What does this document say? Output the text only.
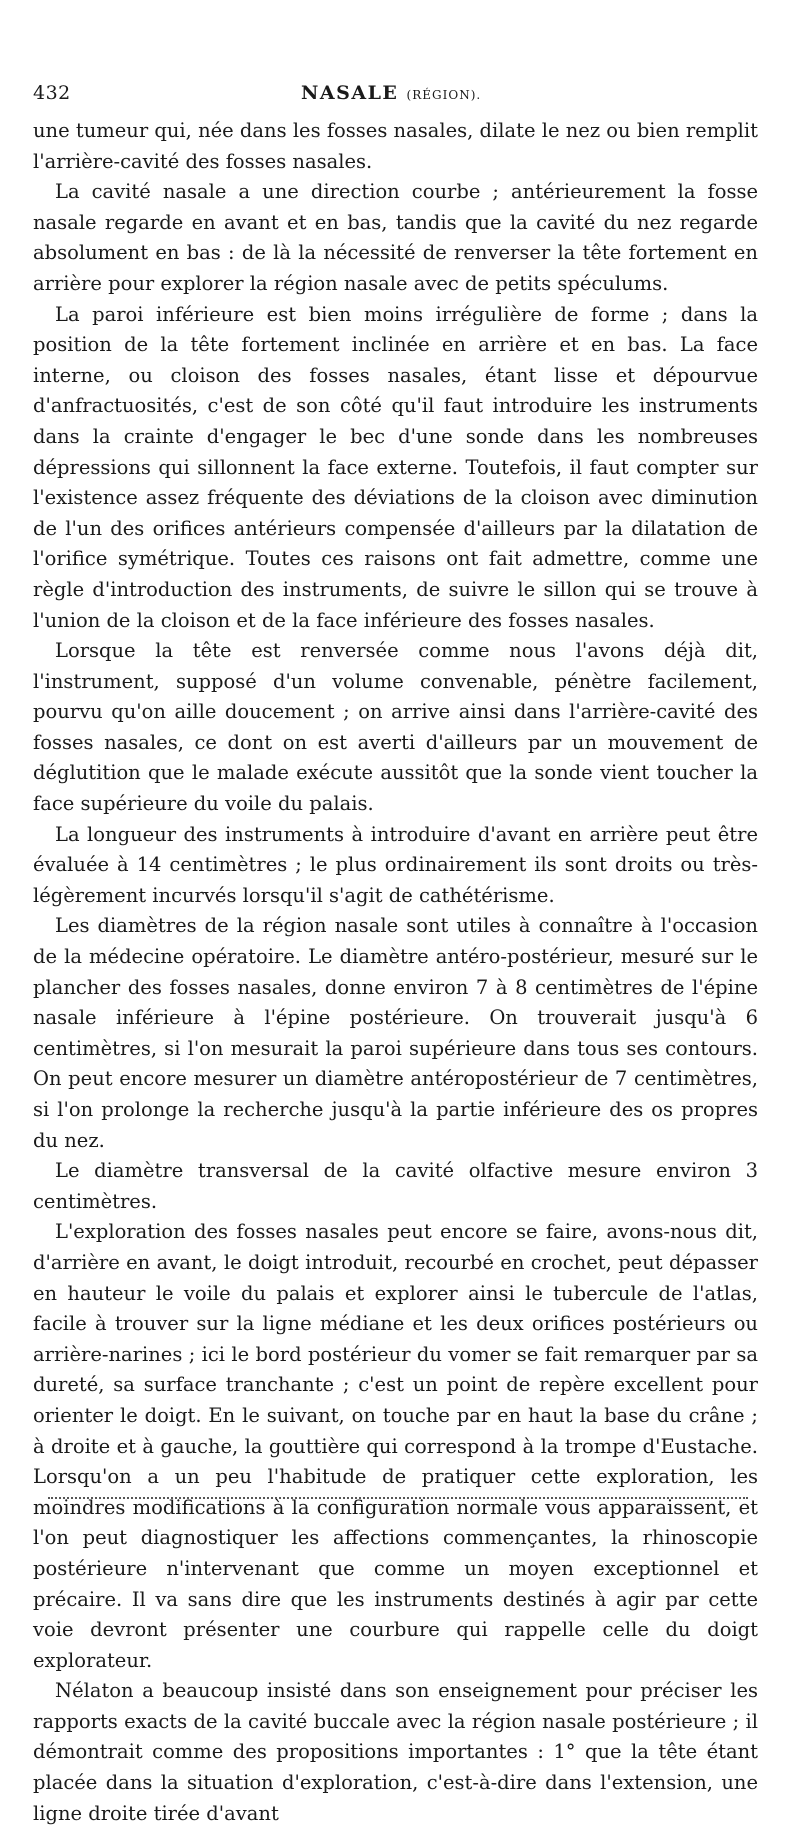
432	NASALE (RÉGION).

une tumeur qui, née dans les fosses nasales, dilate le nez ou bien remplit l'arrière-cavité des fosses nasales.

La cavité nasale a une direction courbe ; antérieurement la fosse nasale regarde en avant et en bas, tandis que la cavité du nez regarde absolument en bas : de là la nécessité de renverser la tête fortement en arrière pour explorer la région nasale avec de petits spéculums.

La paroi inférieure est bien moins irrégulière de forme ; dans la position de la tête fortement inclinée en arrière et en bas. La face interne, ou cloison des fosses nasales, étant lisse et dépourvue d'anfractuosités, c'est de son côté qu'il faut introduire les instruments dans la crainte d'engager le bec d'une sonde dans les nombreuses dépressions qui sillonnent la face externe. Toutefois, il faut compter sur l'existence assez fréquente des déviations de la cloison avec diminution de l'un des orifices antérieurs compensée d'ailleurs par la dilatation de l'orifice symétrique. Toutes ces raisons ont fait admettre, comme une règle d'introduction des instruments, de suivre le sillon qui se trouve à l'union de la cloison et de la face inférieure des fosses nasales.

Lorsque la tête est renversée comme nous l'avons déjà dit, l'instrument, supposé d'un volume convenable, pénètre facilement, pourvu qu'on aille doucement ; on arrive ainsi dans l'arrière-cavité des fosses nasales, ce dont on est averti d'ailleurs par un mouvement de déglutition que le malade exécute aussitôt que la sonde vient toucher la face supérieure du voile du palais.

La longueur des instruments à introduire d'avant en arrière peut être évaluée à 14 centimètres ; le plus ordinairement ils sont droits ou très-légèrement incurvés lorsqu'il s'agit de cathétérisme.

Les diamètres de la région nasale sont utiles à connaître à l'occasion de la médecine opératoire. Le diamètre antéro-postérieur, mesuré sur le plancher des fosses nasales, donne environ 7 à 8 centimètres de l'épine nasale inférieure à l'épine postérieure. On trouverait jusqu'à 6 centimètres, si l'on mesurait la paroi supérieure dans tous ses contours. On peut encore mesurer un diamètre antéropostérieur de 7 centimètres, si l'on prolonge la recherche jusqu'à la partie inférieure des os propres du nez.

Le diamètre transversal de la cavité olfactive mesure environ 3 centimètres.

L'exploration des fosses nasales peut encore se faire, avons-nous dit, d'arrière en avant, le doigt introduit, recourbé en crochet, peut dépasser en hauteur le voile du palais et explorer ainsi le tubercule de l'atlas, facile à trouver sur la ligne médiane et les deux orifices postérieurs ou arrière-narines ; ici le bord postérieur du vomer se fait remarquer par sa dureté, sa surface tranchante ; c'est un point de repère excellent pour orienter le doigt. En le suivant, on touche par en haut la base du crâne ; à droite et à gauche, la gouttière qui correspond à la trompe d'Eustache. Lorsqu'on a un peu l'habitude de pratiquer cette exploration, les moindres modifications à la configuration normale vous apparaissent, et l'on peut diagnostiquer les affections commençantes, la rhinoscopie postérieure n'intervenant que comme un moyen exceptionnel et précaire. Il va sans dire que les instruments destinés à agir par cette voie devront présenter une courbure qui rappelle celle du doigt explorateur.

Nélaton a beaucoup insisté dans son enseignement pour préciser les rapports exacts de la cavité buccale avec la région nasale postérieure ; il démontrait comme des propositions importantes : 1° que la tête étant placée dans la situation d'exploration, c'est-à-dire dans l'extension, une ligne droite tirée d'avant
